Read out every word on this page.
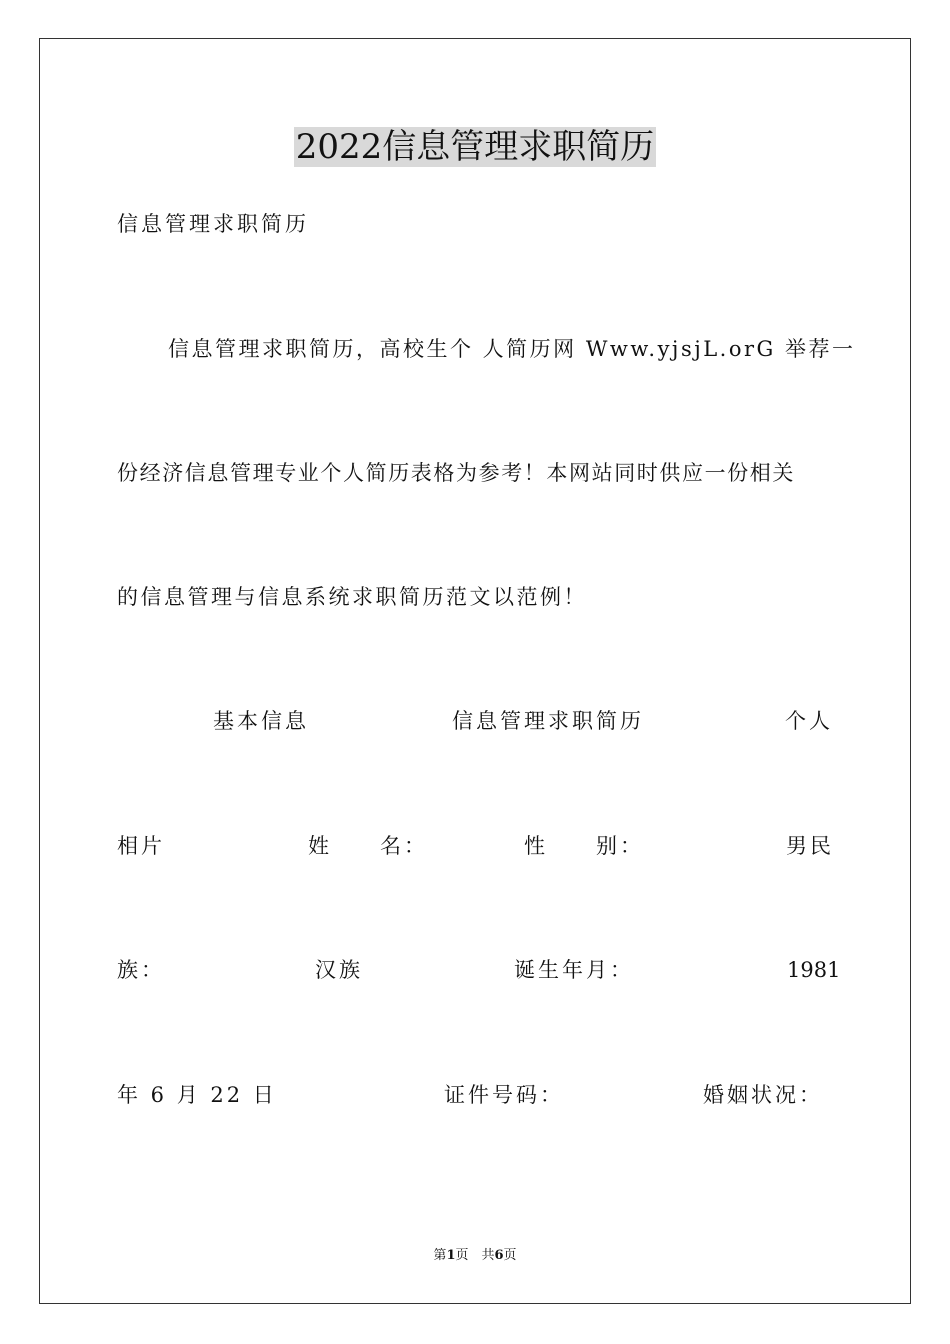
2022信息管理求职简历
信息管理求职简历
信息管理求职简历，高校生个 人简历网 Www.yjsjL.orG 举荐一
份经济信息管理专业个人简历表格为参考！本网站同时供应一份相关
的信息管理与信息系统求职简历范文以范例！
基本信息	信息管理求职简历	个人
相片	姓 名：	性 别：	男民
族：	汉族	诞生年月：	1981
年 6 月 22 日	证件号码：	婚姻状况：
第1页　共6页
